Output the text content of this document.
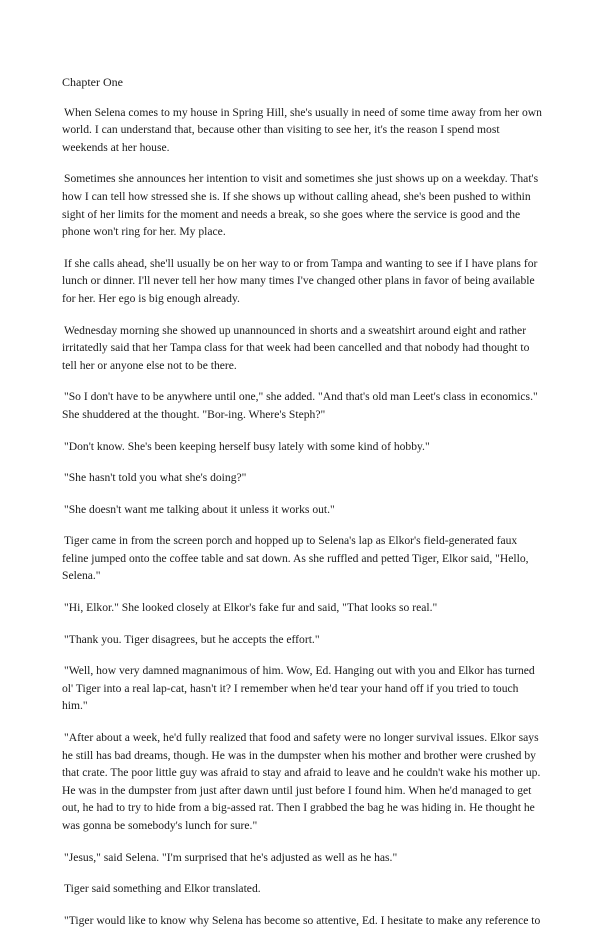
Chapter One

When Selena comes to my house in Spring Hill, she's usually in need of some time away from her own world. I can understand that, because other than visiting to see her, it's the reason I spend most weekends at her house.

Sometimes she announces her intention to visit and sometimes she just shows up on a weekday. That's how I can tell how stressed she is. If she shows up without calling ahead, she's been pushed to within sight of her limits for the moment and needs a break, so she goes where the service is good and the phone won't ring for her. My place.

If she calls ahead, she'll usually be on her way to or from Tampa and wanting to see if I have plans for lunch or dinner. I'll never tell her how many times I've changed other plans in favor of being available for her. Her ego is big enough already.

Wednesday morning she showed up unannounced in shorts and a sweatshirt around eight and rather irritatedly said that her Tampa class for that week had been cancelled and that nobody had thought to tell her or anyone else not to be there.

"So I don't have to be anywhere until one," she added. "And that's old man Leet's class in economics." She shuddered at the thought. "Bor-ing. Where's Steph?"

"Don't know. She's been keeping herself busy lately with some kind of hobby."

"She hasn't told you what she's doing?"

"She doesn't want me talking about it unless it works out."

Tiger came in from the screen porch and hopped up to Selena's lap as Elkor's field-generated faux feline jumped onto the coffee table and sat down. As she ruffled and petted Tiger, Elkor said, "Hello, Selena."

"Hi, Elkor." She looked closely at Elkor's fake fur and said, "That looks so real."

"Thank you. Tiger disagrees, but he accepts the effort."

"Well, how very damned magnanimous of him. Wow, Ed. Hanging out with you and Elkor has turned ol' Tiger into a real lap-cat, hasn't it? I remember when he'd tear your hand off if you tried to touch him."

"After about a week, he'd fully realized that food and safety were no longer survival issues. Elkor says he still has bad dreams, though. He was in the dumpster when his mother and brother were crushed by that crate. The poor little guy was afraid to stay and afraid to leave and he couldn't wake his mother up. He was in the dumpster from just after dawn until just before I found him. When he'd managed to get out, he had to try to hide from a big-assed rat. Then I grabbed the bag he was hiding in. He thought he was gonna be somebody's lunch for sure."

"Jesus," said Selena. "I'm surprised that he's adjusted as well as he has."

Tiger said something and Elkor translated.

"Tiger would like to know why Selena has become so attentive, Ed. I hesitate to make any reference to
